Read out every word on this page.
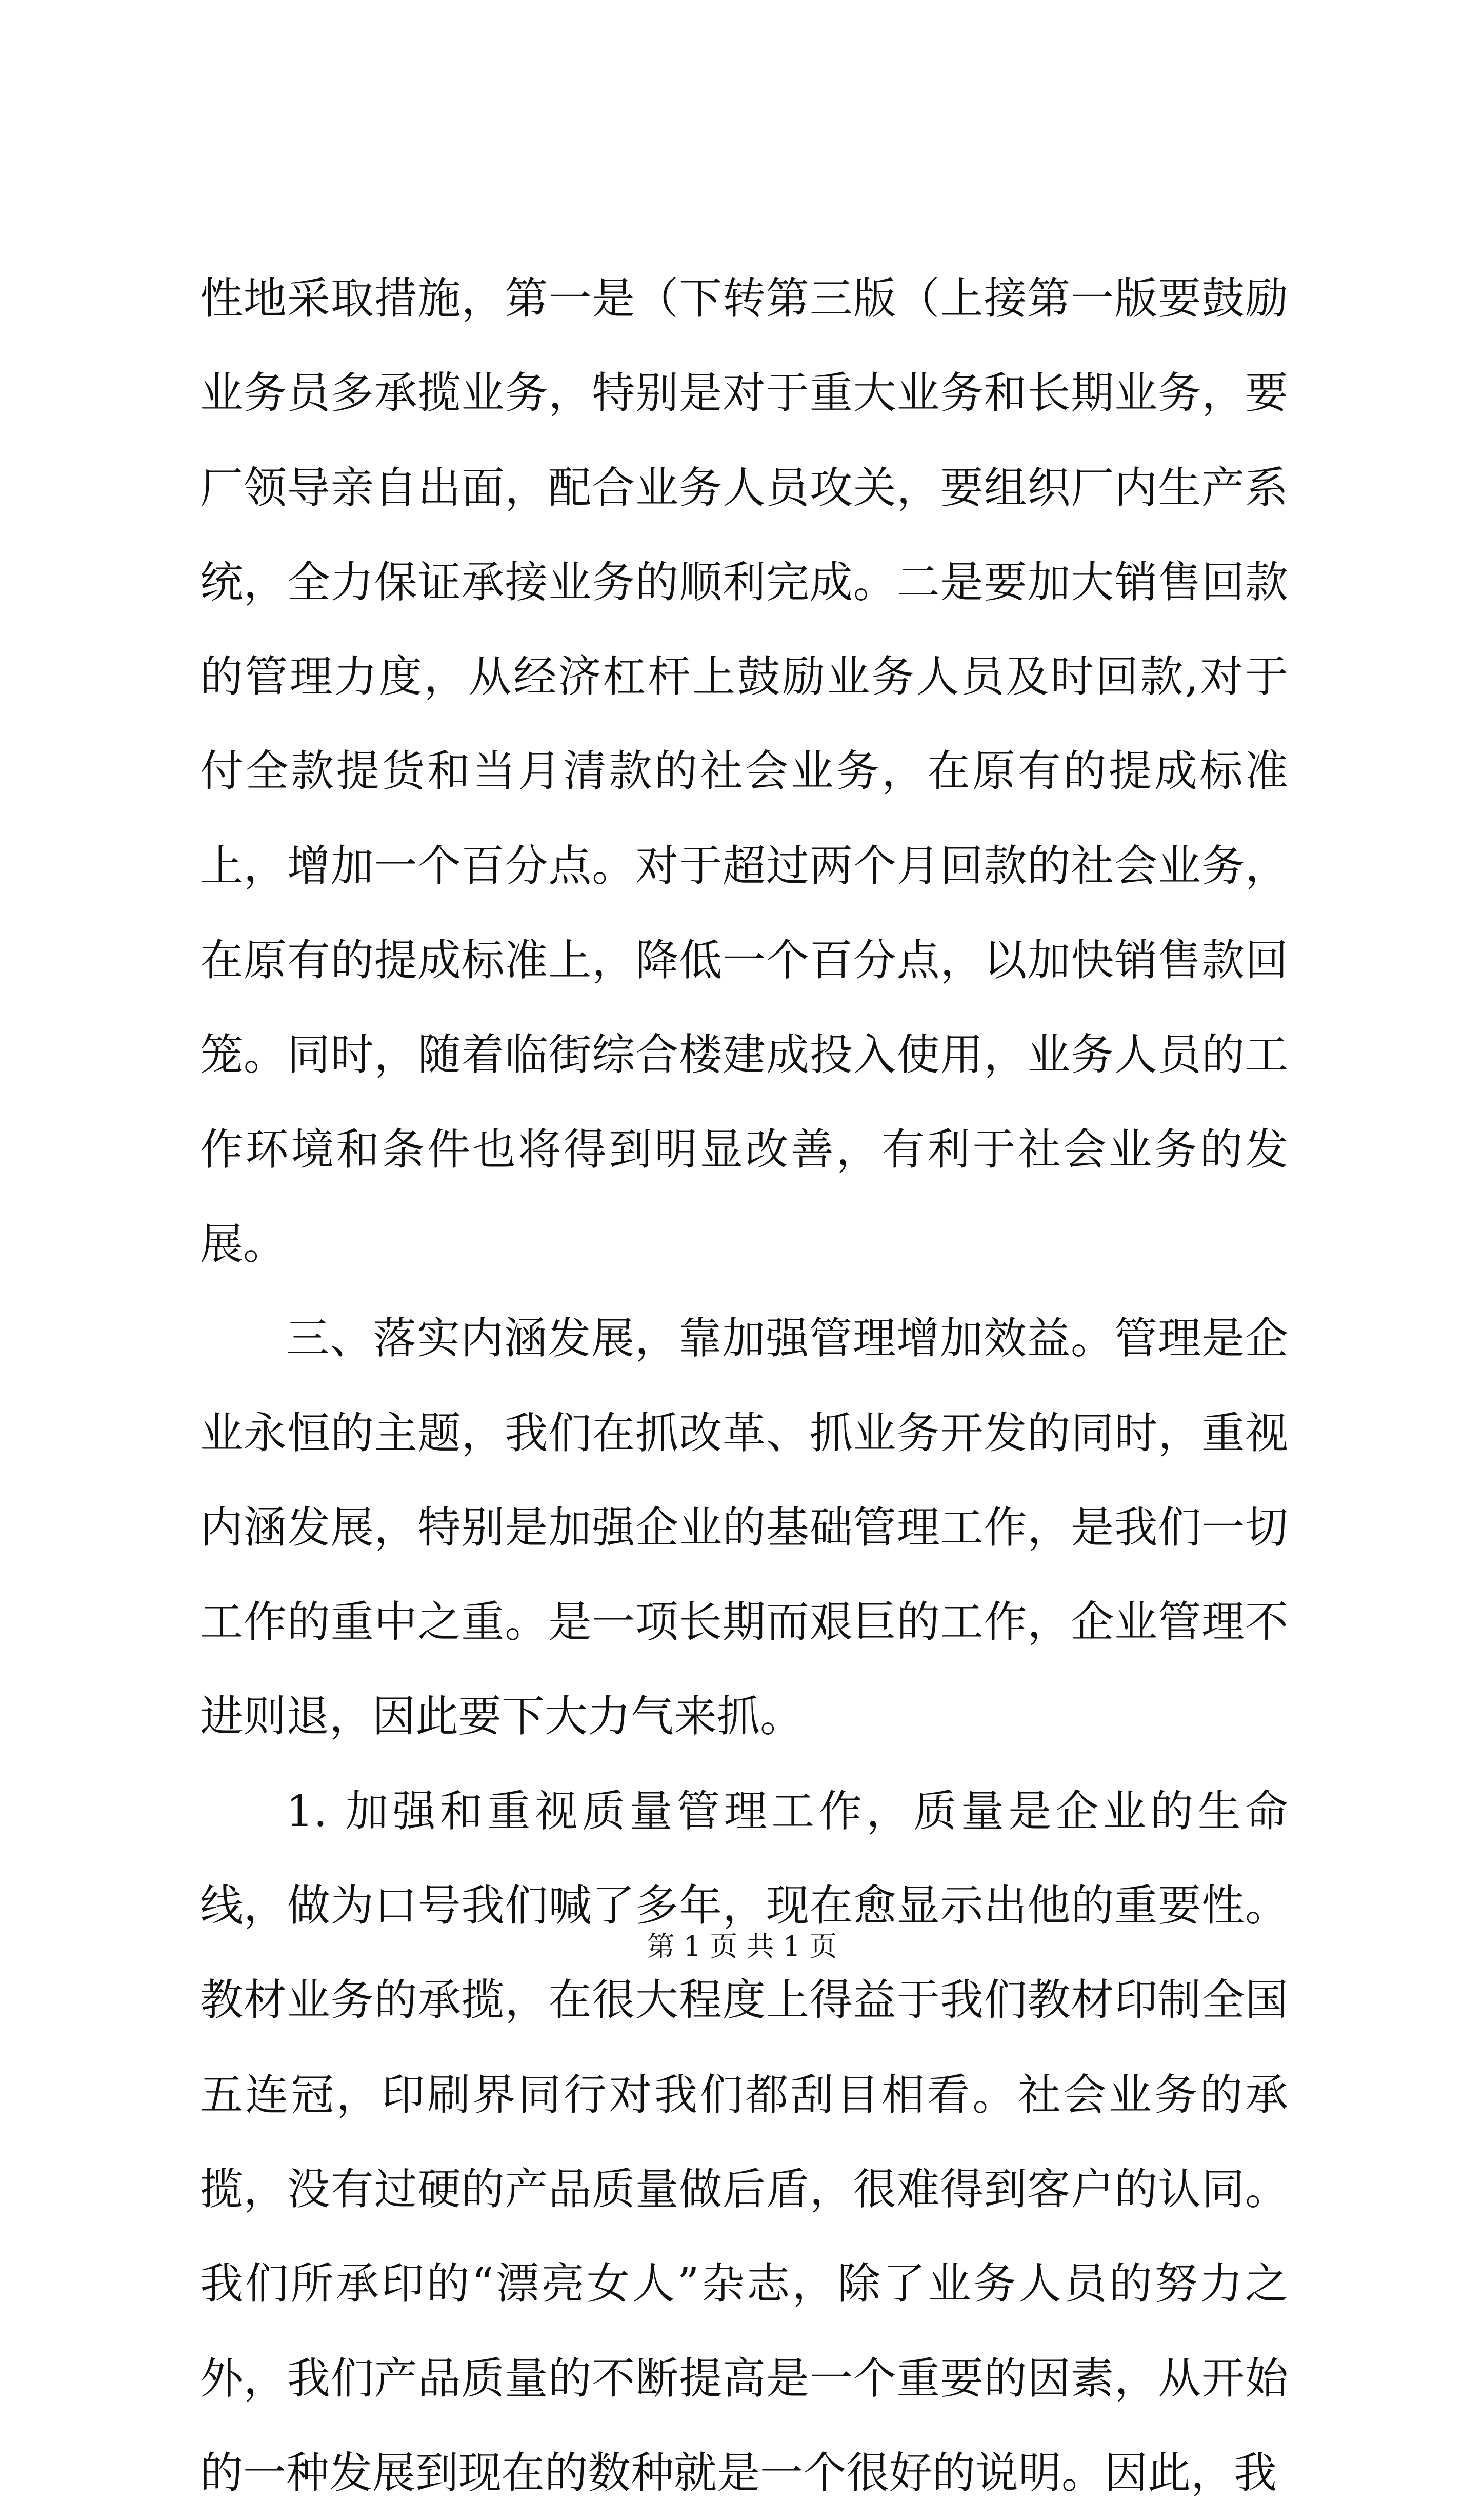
性地采取措施，第一是（下转第三版（上接第一版要鼓励业务员多承揽业务，特别是对于重大业务和长期业务，要厂领导亲自出面，配合业务人员攻关，要组织厂内生产系统，全力保证承接业务的顺利完成。二是要加大销售回款的管理力度，从经济杠杆上鼓励业务人员及时回款,对于付全款提货和当月清款的社会业务，在原有的提成标准上，增加一个百分点。对于超过两个月回款的社会业务，在原有的提成标准上，降低一个百分点，以加快销售款回笼。同时，随着临街综合楼建成投入使用，业务人员的工作环境和条件也将得到明显改善，有利于社会业务的发展。

三、落实内涵发展，靠加强管理增加效益。管理是企业永恒的主题，我们在抓改革、抓业务开发的同时，重视内涵发展，特别是加强企业的基础管理工作，是我们一切工作的重中之重。是一项长期而艰巨的工作，企业管理不进则退，因此要下大力气来抓。

1. 加强和重视质量管理工作，质量是企业的生命线，做为口号我们喊了多年，现在愈显示出他的重要性。教材业务的承揽，在很大程度上得益于我们教材印制全国五连冠，印刷界同行对我们都刮目相看。社会业务的承揽，没有过硬的产品质量做后盾，很难得到客户的认同。我们所承印的“漂亮女人”杂志，除了业务人员的努力之外，我们产品质量的不断提高是一个重要的因素，从开始的一种发展到现在的数种就是一个很好的说明。因此，我

第 1 页 共 1 页
